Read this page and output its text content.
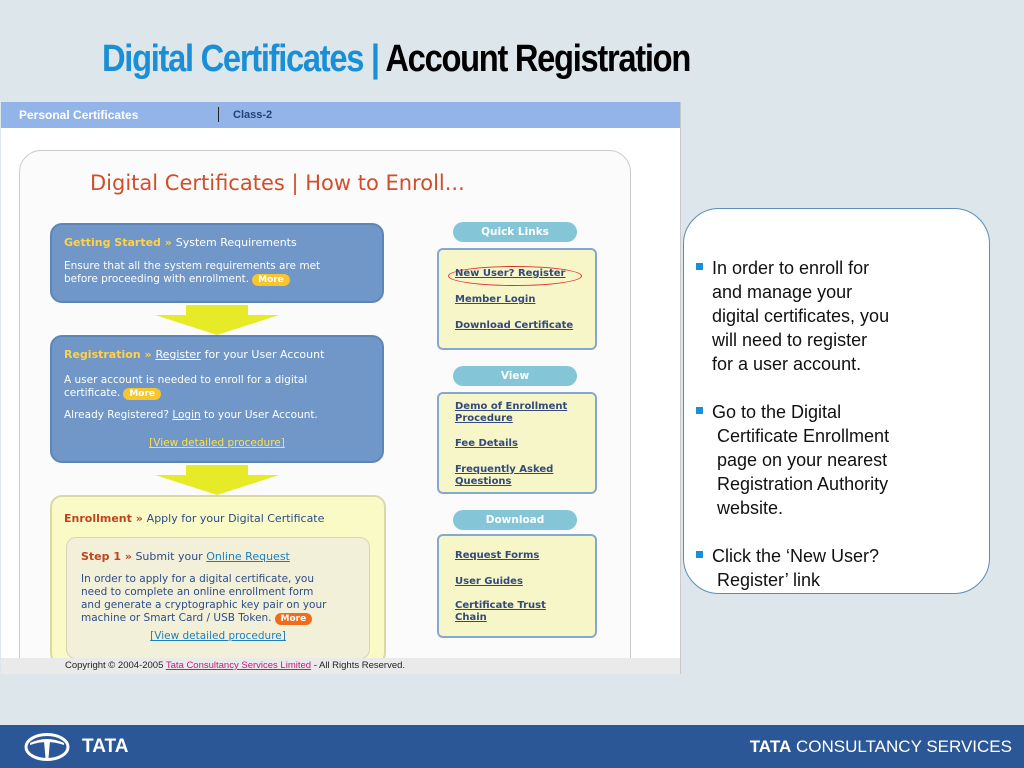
Digital Certificates | Account Registration
Personal Certificates	Class-2
Digital Certificates | How to Enroll...
Getting Started » System Requirements
Ensure that all the system requirements are met
before proceeding with enrollment. More
Registration » Register for your User Account
A user account is needed to enroll for a digital
certificate. More
Already Registered? Login to your User Account.
[View detailed procedure]
Enrollment » Apply for your Digital Certificate
Step 1 » Submit your Online Request
In order to apply for a digital certificate, you
need to complete an online enrollment form
and generate a cryptographic key pair on your
machine or Smart Card / USB Token. More
[View detailed procedure]
Quick Links
New User? Register
Member Login
Download Certificate
View
Demo of Enrollment
Procedure
Fee Details
Frequently Asked
Questions
Download
Request Forms
User Guides
Certificate Trust
Chain
Copyright © 2004-2005 Tata Consultancy Services Limited - All Rights Reserved.
In order to enroll for
and manage your
digital certificates, you
will need to register
for a user account.
Go to the Digital
Certificate Enrollment
page on your nearest
Registration Authority
website.
Click the ‘New User?
Register’ link
TATA	TATA CONSULTANCY SERVICES
